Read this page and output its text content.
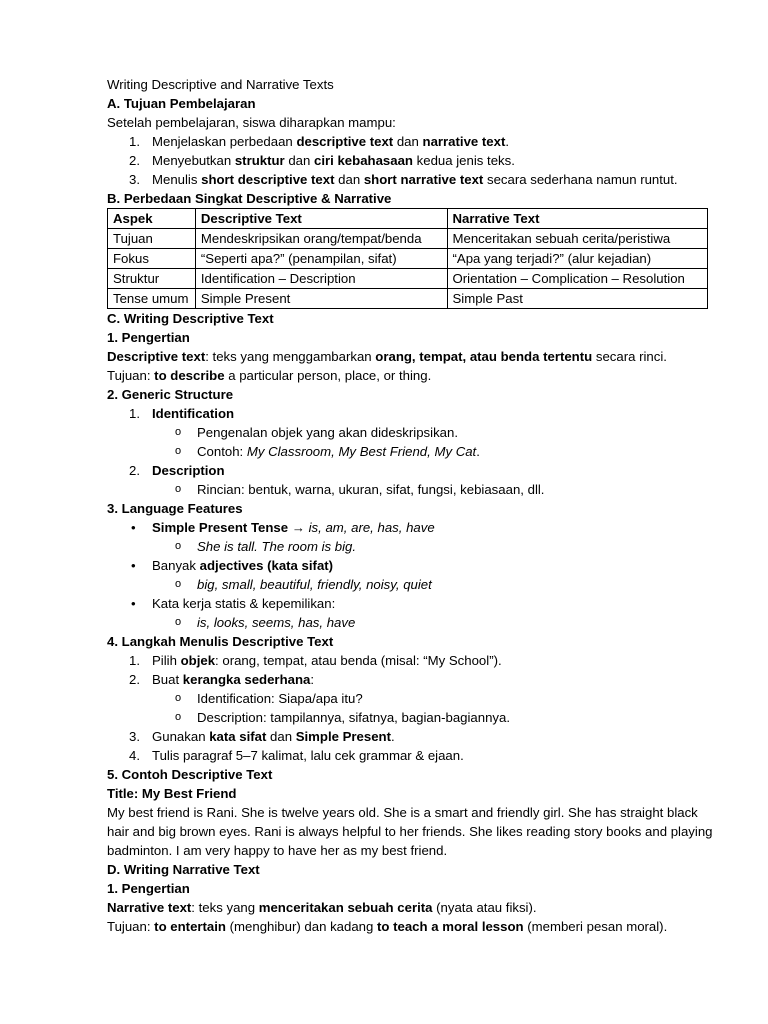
Writing Descriptive and Narrative Texts
A. Tujuan Pembelajaran
Setelah pembelajaran, siswa diharapkan mampu:
1. Menjelaskan perbedaan descriptive text dan narrative text.
2. Menyebutkan struktur dan ciri kebahasaan kedua jenis teks.
3. Menulis short descriptive text dan short narrative text secara sederhana namun runtut.
B. Perbedaan Singkat Descriptive & Narrative
Aspek	Descriptive Text	Narrative Text
Tujuan	Mendeskripsikan orang/tempat/benda	Menceritakan sebuah cerita/peristiwa
Fokus	“Seperti apa?” (penampilan, sifat)	“Apa yang terjadi?” (alur kejadian)
Struktur	Identification – Description	Orientation – Complication – Resolution
Tense umum	Simple Present	Simple Past
C. Writing Descriptive Text
1. Pengertian
Descriptive text: teks yang menggambarkan orang, tempat, atau benda tertentu secara rinci.
Tujuan: to describe a particular person, place, or thing.
2. Generic Structure
1. Identification
o Pengenalan objek yang akan dideskripsikan.
o Contoh: My Classroom, My Best Friend, My Cat.
2. Description
o Rincian: bentuk, warna, ukuran, sifat, fungsi, kebiasaan, dll.
3. Language Features
• Simple Present Tense → is, am, are, has, have
o She is tall. The room is big.
• Banyak adjectives (kata sifat)
o big, small, beautiful, friendly, noisy, quiet
• Kata kerja statis & kepemilikan:
o is, looks, seems, has, have
4. Langkah Menulis Descriptive Text
1. Pilih objek: orang, tempat, atau benda (misal: “My School”).
2. Buat kerangka sederhana:
o Identification: Siapa/apa itu?
o Description: tampilannya, sifatnya, bagian-bagiannya.
3. Gunakan kata sifat dan Simple Present.
4. Tulis paragraf 5–7 kalimat, lalu cek grammar & ejaan.
5. Contoh Descriptive Text
Title: My Best Friend
My best friend is Rani. She is twelve years old. She is a smart and friendly girl. She has straight black hair and big brown eyes. Rani is always helpful to her friends. She likes reading story books and playing badminton. I am very happy to have her as my best friend.
D. Writing Narrative Text
1. Pengertian
Narrative text: teks yang menceritakan sebuah cerita (nyata atau fiksi).
Tujuan: to entertain (menghibur) dan kadang to teach a moral lesson (memberi pesan moral).
